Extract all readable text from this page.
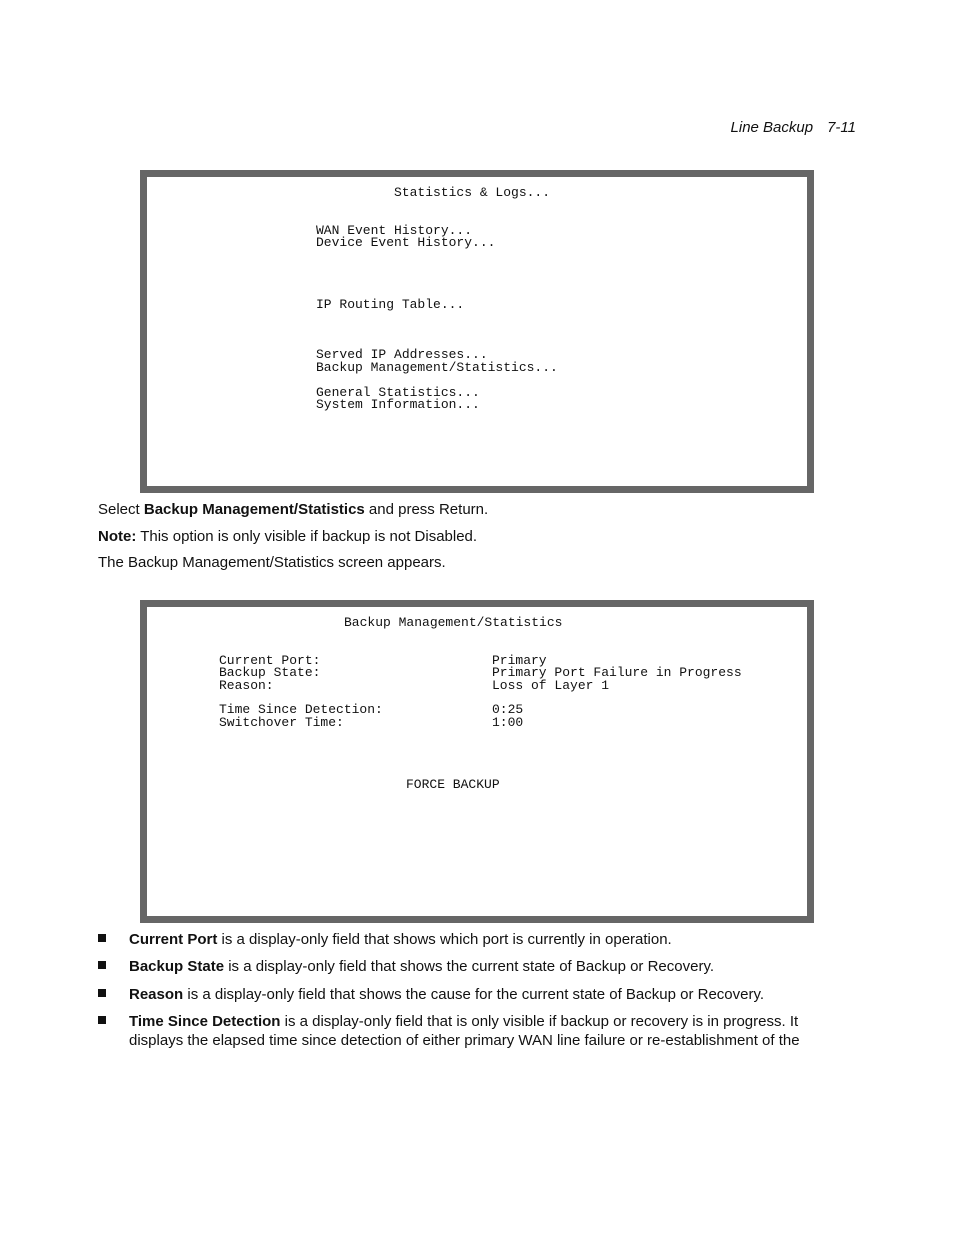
Line Backup 7-11
Statistics & Logs...
WAN Event History...
Device Event History...
IP Routing Table...
Served IP Addresses...
Backup Management/Statistics...
General Statistics...
System Information...
Select Backup Management/Statistics and press Return.
Note: This option is only visible if backup is not Disabled.
The Backup Management/Statistics screen appears.
Backup Management/Statistics
Current Port:	Primary
Backup State:	Primary Port Failure in Progress
Reason:	Loss of Layer 1
Time Since Detection:	0:25
Switchover Time:	1:00
FORCE BACKUP
Current Port is a display-only field that shows which port is currently in operation.
Backup State is a display-only field that shows the current state of Backup or Recovery.
Reason is a display-only field that shows the cause for the current state of Backup or Recovery.
Time Since Detection is a display-only field that is only visible if backup or recovery is in progress. It displays the elapsed time since detection of either primary WAN line failure or re-establishment of the
